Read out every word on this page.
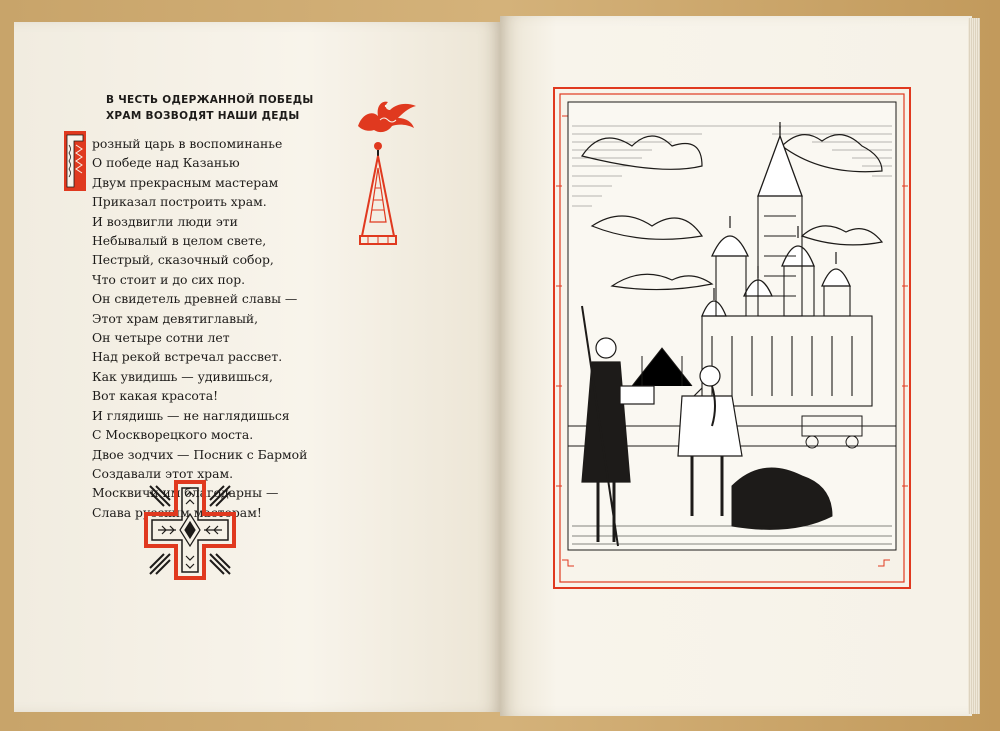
В ЧЕСТЬ ОДЕРЖАННОЙ ПОБЕДЫ
ХРАМ ВОЗВОДЯТ НАШИ ДЕДЫ
розный царь в воспоминанье
О победе над Казанью
Двум прекрасным мастерам
Приказал построить храм.
И воздвигли люди эти
Небывалый в целом свете,
Пестрый, сказочный собор,
Что стоит и до сих пор.
Он свидетель древней славы —
Этот храм девятиглавый,
Он четыре сотни лет
Над рекой встречал рассвет.
Как увидишь — удивишься,
Вот какая красота!
И глядишь — не наглядишься
С Москворецкого моста.
Двое зодчих — Посник с Бармой
Создавали этот храм.
Москвичи им благодарны —
Слава русским мастерам!
